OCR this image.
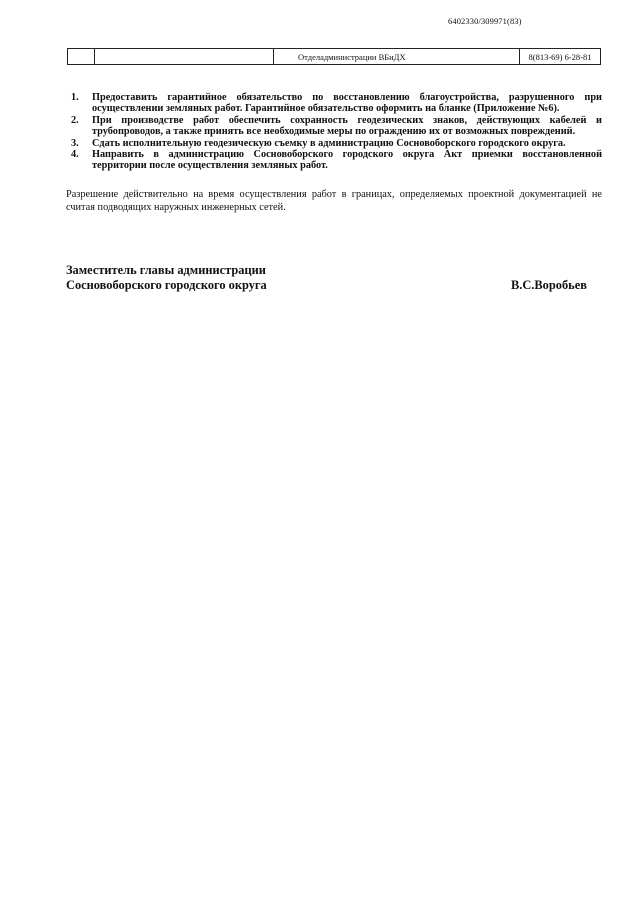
6402330/309971(83)
		Отделадминистрации ВБиДХ	8(813-69) 6-28-81
1. Предоставить гарантийное обязательство по восстановлению благоустройства, разрушенного при осуществлении земляных работ. Гарантийное обязательство оформить на бланке (Приложение №6).
2. При производстве работ обеспечить сохранность геодезических знаков, действующих кабелей и трубопроводов, а также принять все необходимые меры по ограждению их от возможных повреждений.
3. Сдать исполнительную геодезическую съемку в администрацию Сосновоборского городского округа.
4. Направить в администрацию Сосновоборского городского округа Акт приемки восстановленной территории после осуществления земляных работ.
Разрешение действительно на время осуществления работ в границах, определяемых проектной документацией не считая подводящих наружных инженерных сетей.
Заместитель главы администрации
Сосновоборского городского округа	В.С.Воробьев
